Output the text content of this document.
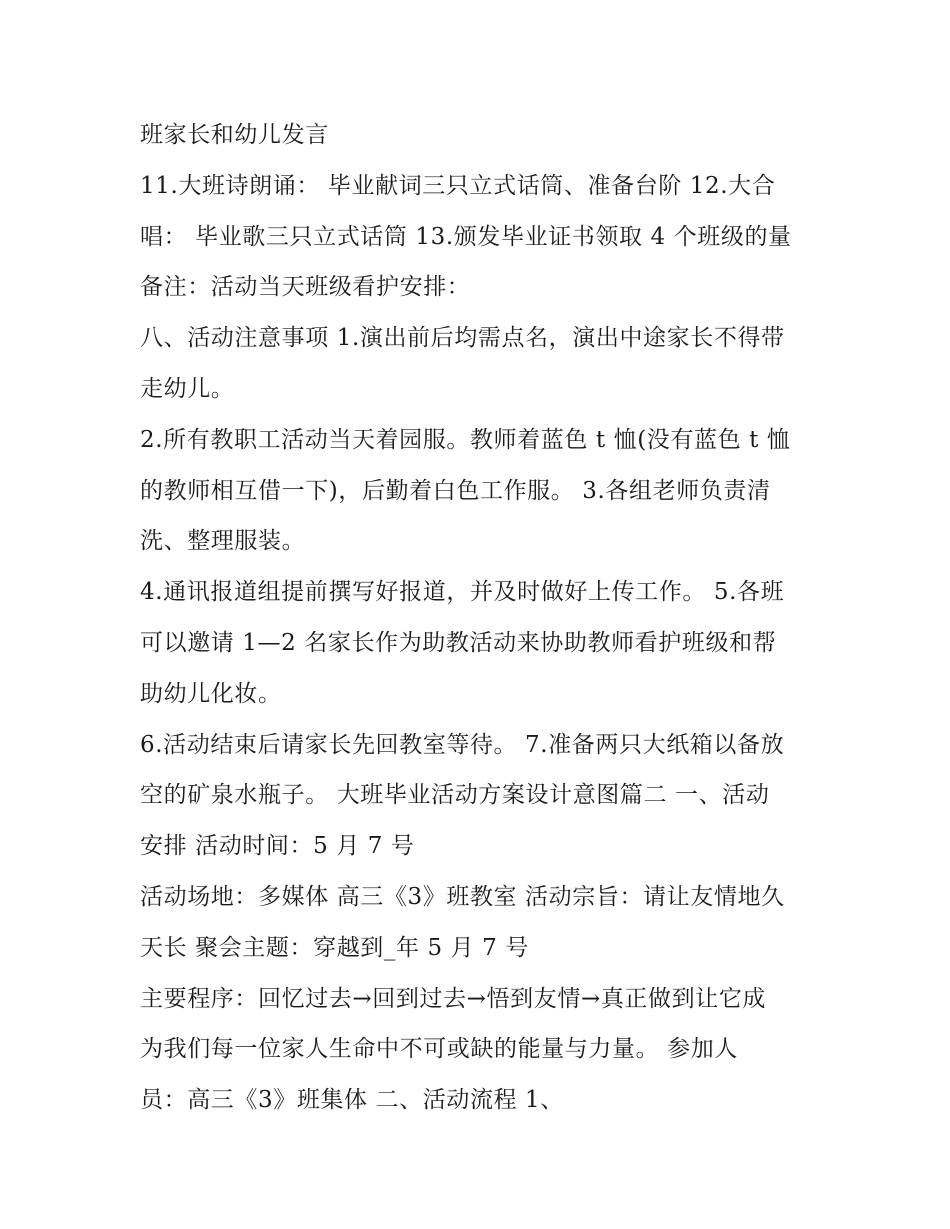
班家长和幼儿发言
11.大班诗朗诵： 毕业献词三只立式话筒、准备台阶 12.大合
唱： 毕业歌三只立式话筒 13.颁发毕业证书领取 4 个班级的量
备注：活动当天班级看护安排：
八、活动注意事项 1.演出前后均需点名，演出中途家长不得带
走幼儿。
2.所有教职工活动当天着园服。教师着蓝色 t 恤(没有蓝色 t 恤
的教师相互借一下)，后勤着白色工作服。 3.各组老师负责清
洗、整理服装。
4.通讯报道组提前撰写好报道，并及时做好上传工作。 5.各班
可以邀请 1—2 名家长作为助教活动来协助教师看护班级和帮
助幼儿化妆。
6.活动结束后请家长先回教室等待。 7.准备两只大纸箱以备放
空的矿泉水瓶子。 大班毕业活动方案设计意图篇二 一、活动
安排 活动时间：5 月 7 号
活动场地：多媒体 高三《3》班教室 活动宗旨：请让友情地久
天长 聚会主题：穿越到_年 5 月 7 号
主要程序：回忆过去→回到过去→悟到友情→真正做到让它成
为我们每一位家人生命中不可或缺的能量与力量。 参加人
员：高三《3》班集体 二、活动流程 1、
